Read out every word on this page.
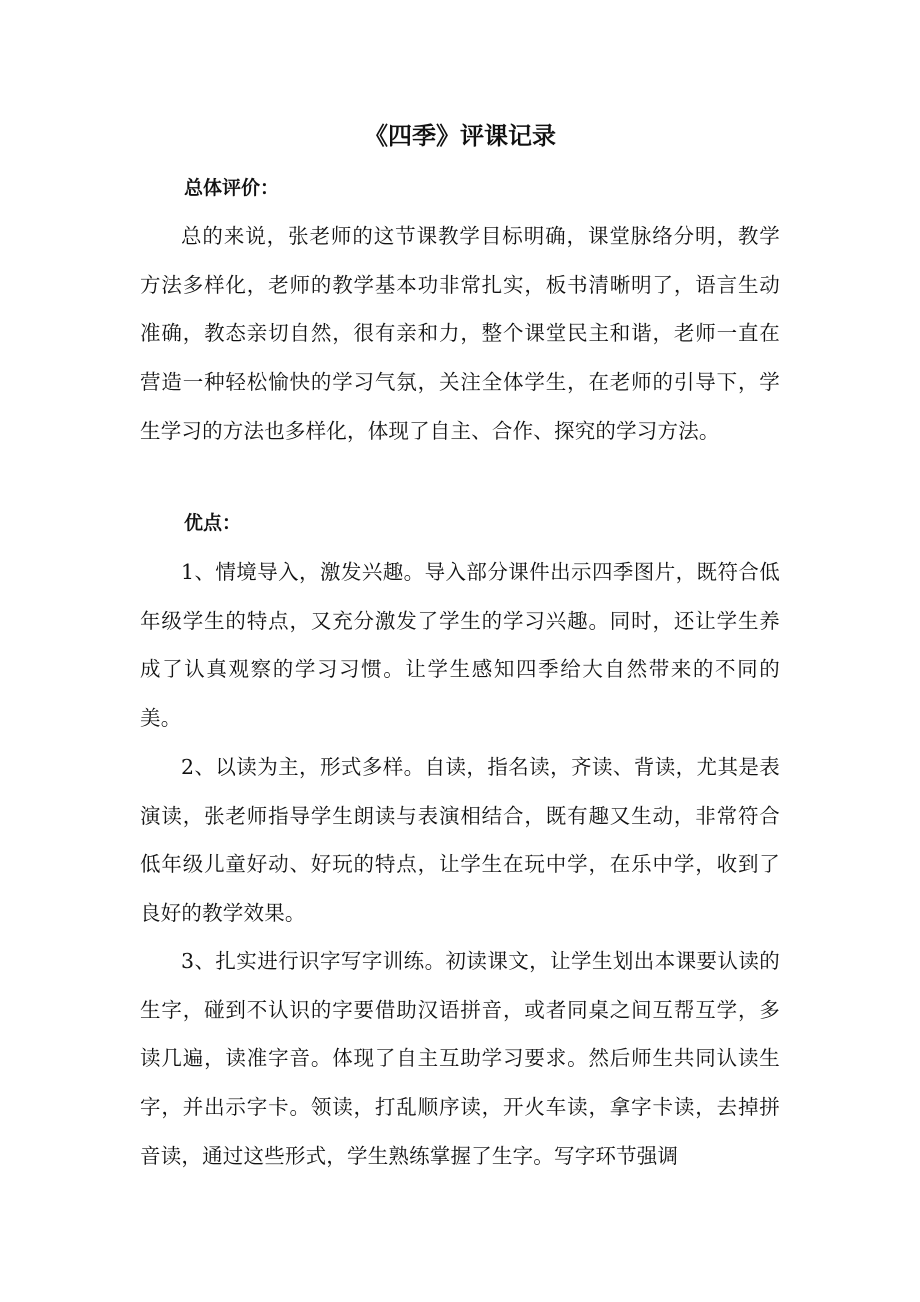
《四季》评课记录
总体评价：

总的来说，张老师的这节课教学目标明确，课堂脉络分明，教学方法多样化，老师的教学基本功非常扎实，板书清晰明了，语言生动准确，教态亲切自然，很有亲和力，整个课堂民主和谐，老师一直在营造一种轻松愉快的学习气氛，关注全体学生，在老师的引导下，学生学习的方法也多样化，体现了自主、合作、探究的学习方法。

优点：

1、情境导入，激发兴趣。导入部分课件出示四季图片，既符合低年级学生的特点，又充分激发了学生的学习兴趣。同时，还让学生养成了认真观察的学习习惯。让学生感知四季给大自然带来的不同的美。

2、以读为主，形式多样。自读，指名读，齐读、背读，尤其是表演读，张老师指导学生朗读与表演相结合，既有趣又生动，非常符合低年级儿童好动、好玩的特点，让学生在玩中学，在乐中学，收到了良好的教学效果。

3、扎实进行识字写字训练。初读课文，让学生划出本课要认读的生字，碰到不认识的字要借助汉语拼音，或者同桌之间互帮互学，多读几遍，读准字音。体现了自主互助学习要求。然后师生共同认读生字，并出示字卡。领读，打乱顺序读，开火车读，拿字卡读，去掉拼音读，通过这些形式，学生熟练掌握了生字。写字环节强调
